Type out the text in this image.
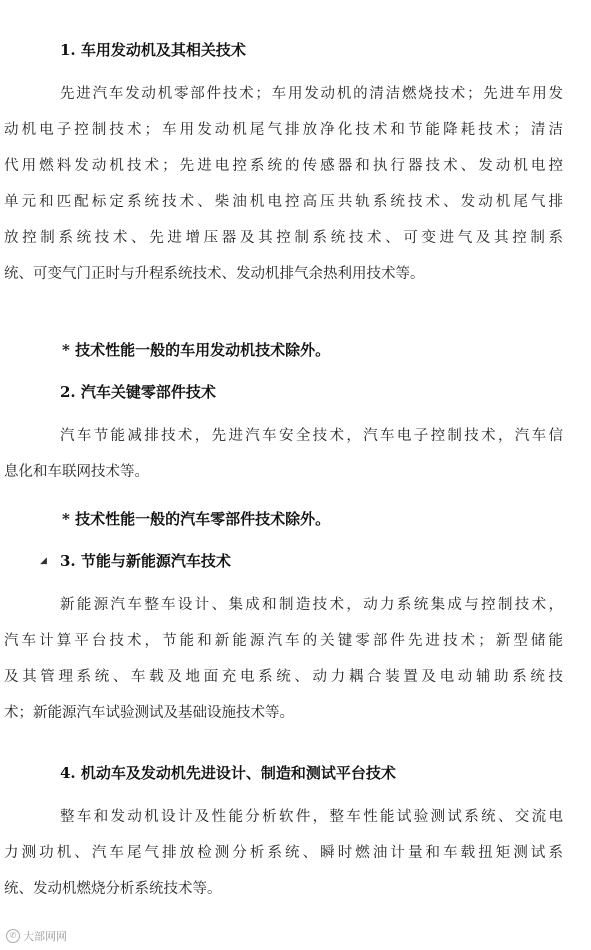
1. 车用发动机及其相关技术
先进汽车发动机零部件技术；车用发动机的清洁燃烧技术；先进车用发
动机电子控制技术；车用发动机尾气排放净化技术和节能降耗技术；清洁
代用燃料发动机技术；先进电控系统的传感器和执行器技术、发动机电控
单元和匹配标定系统技术、柴油机电控高压共轨系统技术、发动机尾气排
放控制系统技术、先进增压器及其控制系统技术、可变进气及其控制系
统、可变气门正时与升程系统技术、发动机排气余热利用技术等。

* 技术性能一般的车用发动机技术除外。

2. 汽车关键零部件技术
汽车节能减排技术，先进汽车安全技术，汽车电子控制技术，汽车信
息化和车联网技术等。

* 技术性能一般的汽车零部件技术除外。

◢ 3. 节能与新能源汽车技术
新能源汽车整车设计、集成和制造技术，动力系统集成与控制技术，
汽车计算平台技术，节能和新能源汽车的关键零部件先进技术；新型储能
及其管理系统、车载及地面充电系统、动力耦合装置及电动辅助系统技
术；新能源汽车试验测试及基础设施技术等。
4. 机动车及发动机先进设计、制造和测试平台技术
整车和发动机设计及性能分析软件，整车性能试验测试系统、交流电
力测功机、汽车尾气排放检测分析系统、瞬时燃油计量和车载扭矩测试系
统、发动机燃烧分析系统技术等。
✆ 大部网网
